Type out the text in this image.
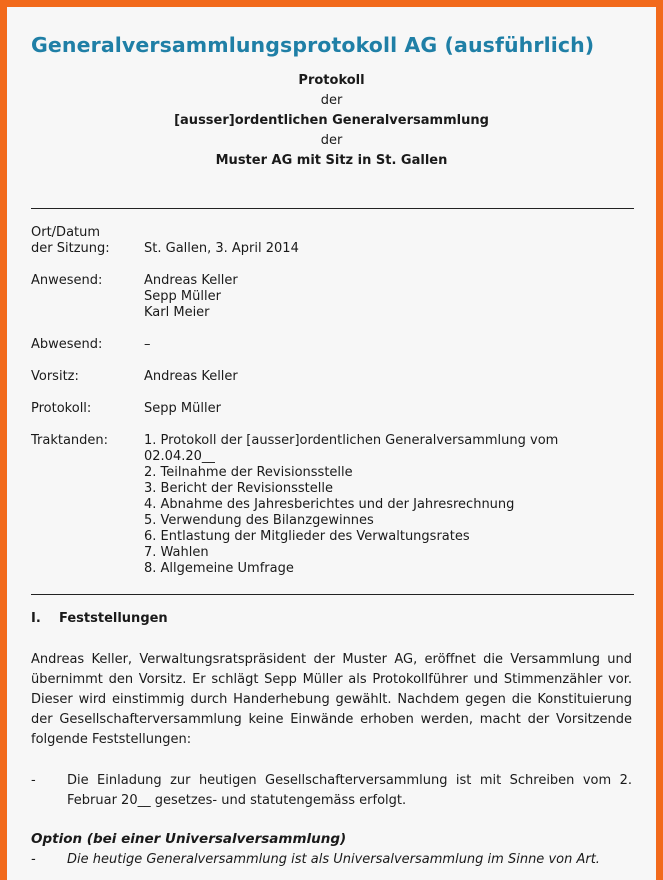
Generalversammlungsprotokoll AG (ausführlich)
Protokoll
der
[ausser]ordentlichen Generalversammlung
der
Muster AG mit Sitz in St. Gallen
Ort/Datum
der Sitzung:	St. Gallen, 3. April 2014
Anwesend:	Andreas Keller
Sepp Müller
Karl Meier
Abwesend:	–
Vorsitz:	Andreas Keller
Protokoll:	Sepp Müller
Traktanden:	1. Protokoll der [ausser]ordentlichen Generalversammlung vom
02.04.20__
2. Teilnahme der Revisionsstelle
3. Bericht der Revisionsstelle
4. Abnahme des Jahresberichtes und der Jahresrechnung
5. Verwendung des Bilanzgewinnes
6. Entlastung der Mitglieder des Verwaltungsrates
7. Wahlen
8. Allgemeine Umfrage
I. Feststellungen
Andreas Keller, Verwaltungsratspräsident der Muster AG, eröffnet die Versammlung und übernimmt den Vorsitz. Er schlägt Sepp Müller als Protokollführer und Stimmenzähler vor. Dieser wird einstimmig durch Handerhebung gewählt. Nachdem gegen die Konstituierung der Gesellschafterversammlung keine Einwände erhoben werden, macht der Vorsitzende folgende Feststellungen:
- Die Einladung zur heutigen Gesellschafterversammlung ist mit Schreiben vom 2. Februar 20__ gesetzes- und statutengemäss erfolgt.
Option (bei einer Universalversammlung)
- Die heutige Generalversammlung ist als Universalversammlung im Sinne von Art.
